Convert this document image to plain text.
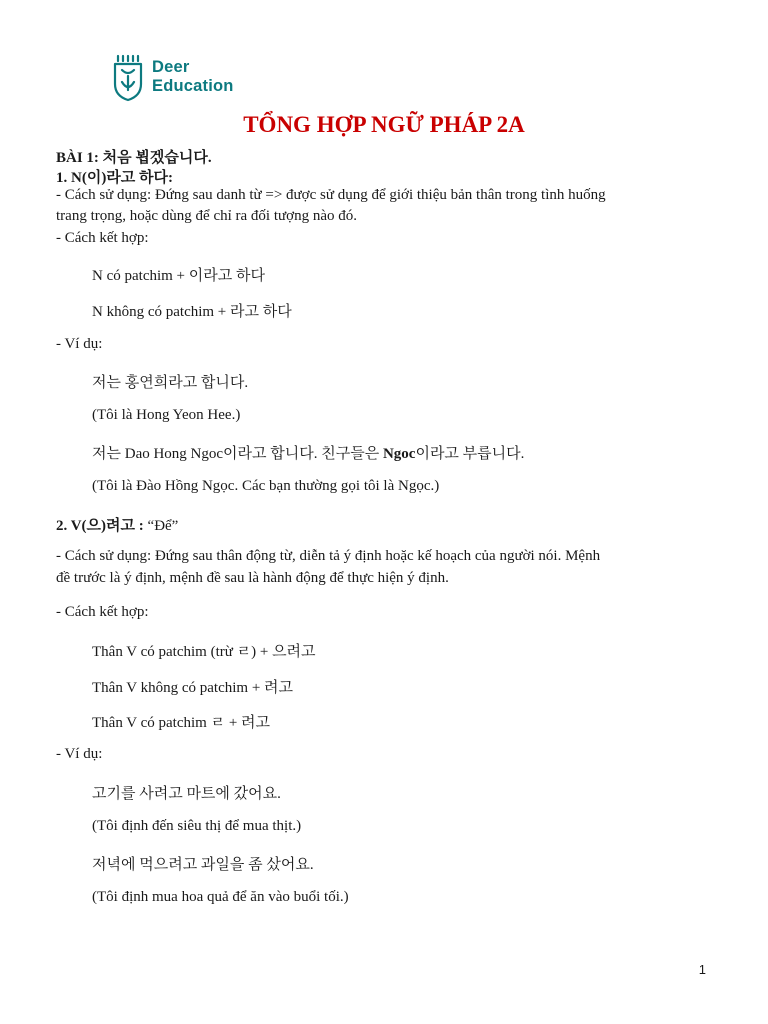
Deer
Education
TỔNG HỢP NGỮ PHÁP 2A

BÀI 1: 처음 뵙겠습니다.

1. N(이)라고 하다:

- Cách sử dụng: Đứng sau danh từ => được sử dụng để giới thiệu bản thân trong tình huống

trang trọng, hoặc dùng để chỉ ra đối tượng nào đó.

- Cách kết hợp:

N có patchim + 이라고 하다

N không có patchim + 라고 하다

- Ví dụ:

저는 홍연희라고 합니다.

(Tôi là Hong Yeon Hee.)

저는 Dao Hong Ngoc이라고 합니다. 친구들은 Ngoc이라고 부릅니다.

(Tôi là Đào Hồng Ngọc. Các bạn thường gọi tôi là Ngọc.)

2. V(으)려고 : “Để”

- Cách sử dụng: Đứng sau thân động từ, diễn tả ý định hoặc kế hoạch của người nói. Mệnh

đề trước là ý định, mệnh đề sau là hành động để thực hiện ý định.

- Cách kết hợp:

Thân V có patchim (trừ ㄹ) + 으려고

Thân V không có patchim + 려고

Thân V có patchim ㄹ + 려고

- Ví dụ:

고기를 사려고 마트에 갔어요.

(Tôi định đến siêu thị để mua thịt.)

저녁에 먹으려고 과일을 좀 샀어요.

(Tôi định mua hoa quả để ăn vào buổi tối.)

1
